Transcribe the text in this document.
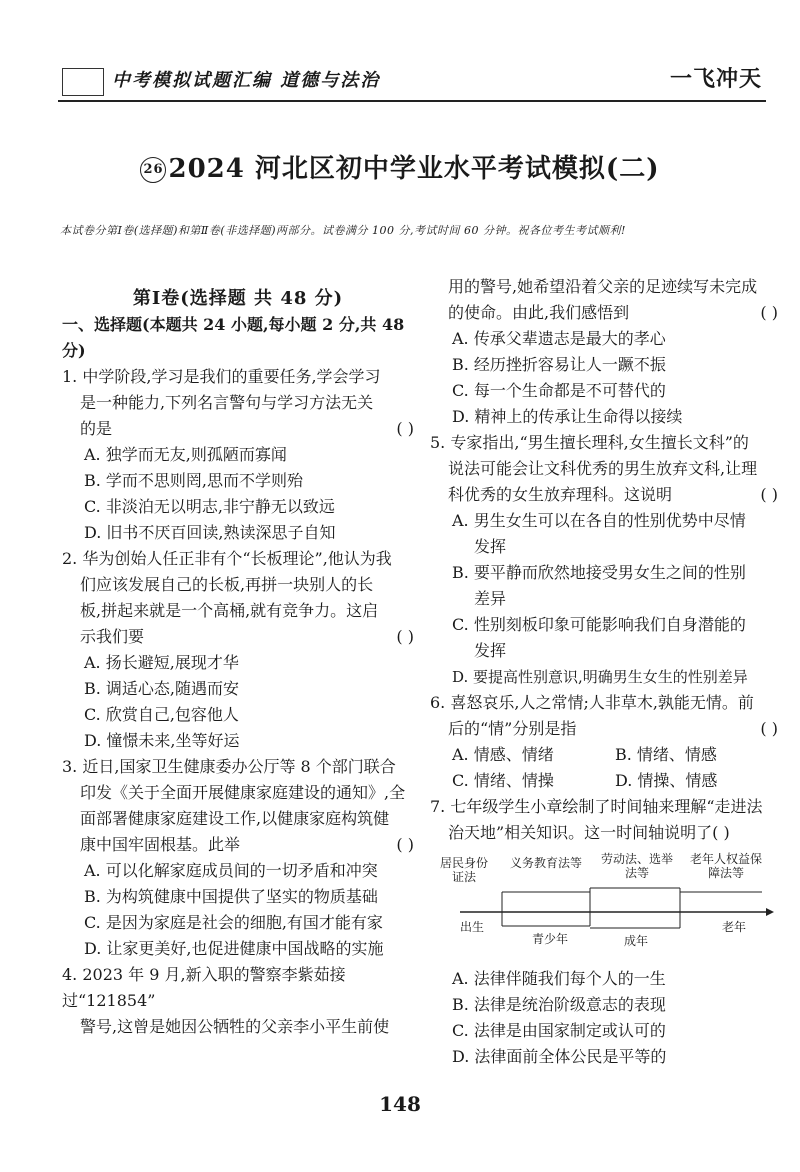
中考模拟试题汇编 道德与法治	一飞冲天
26 2024 河北区初中学业水平考试模拟(二)
本试卷分第Ⅰ卷(选择题)和第Ⅱ卷(非选择题)两部分。试卷满分 100 分,考试时间 60 分钟。祝各位考生考试顺利!

第Ⅰ卷(选择题 共 48 分)

一、选择题(本题共 24 小题,每小题 2 分,共 48 分)

1. 中学阶段,学习是我们的重要任务,学会学习

是一种能力,下列名言警句与学习方法无关

的是	( )

A. 独学而无友,则孤陋而寡闻

B. 学而不思则罔,思而不学则殆

C. 非淡泊无以明志,非宁静无以致远

D. 旧书不厌百回读,熟读深思子自知

2. 华为创始人任正非有个“长板理论”,他认为我

们应该发展自己的长板,再拼一块别人的长

板,拼起来就是一个高桶,就有竞争力。这启

示我们要	( )

A. 扬长避短,展现才华

B. 调适心态,随遇而安

C. 欣赏自己,包容他人

D. 憧憬未来,坐等好运

3. 近日,国家卫生健康委办公厅等 8 个部门联合

印发《关于全面开展健康家庭建设的通知》,全

面部署健康家庭建设工作,以健康家庭构筑健

康中国牢固根基。此举	( )

A. 可以化解家庭成员间的一切矛盾和冲突

B. 为构筑健康中国提供了坚实的物质基础

C. 是因为家庭是社会的细胞,有国才能有家

D. 让家更美好,也促进健康中国战略的实施

4. 2023 年 9 月,新入职的警察李紫茹接过“121854”

警号,这曾是她因公牺牲的父亲李小平生前使

用的警号,她希望沿着父亲的足迹续写未完成

的使命。由此,我们感悟到	( )

A. 传承父辈遗志是最大的孝心

B. 经历挫折容易让人一蹶不振

C. 每一个生命都是不可替代的

D. 精神上的传承让生命得以接续

5. 专家指出,“男生擅长理科,女生擅长文科”的

说法可能会让文科优秀的男生放弃文科,让理

科优秀的女生放弃理科。这说明	( )

A. 男生女生可以在各自的性别优势中尽情

发挥

B. 要平静而欣然地接受男女生之间的性别

差异

C. 性别刻板印象可能影响我们自身潜能的

发挥

D. 要提高性别意识,明确男生女生的性别差异

6. 喜怒哀乐,人之常情;人非草木,孰能无情。前

后的“情”分别是指	( )

A. 情感、情绪	B. 情绪、情感
C. 情绪、情操	D. 情操、情感

7. 七年级学生小章绘制了时间轴来理解“走进法

治天地”相关知识。这一时间轴说明了( )

居民身份证法
义务教育法等 劳动法、选举法等
老年人权益保障法等
出生
青少年	成年
老年

A. 法律伴随我们每个人的一生

B. 法律是统治阶级意志的表现

C. 法律是由国家制定或认可的

D. 法律面前全体公民是平等的

148
